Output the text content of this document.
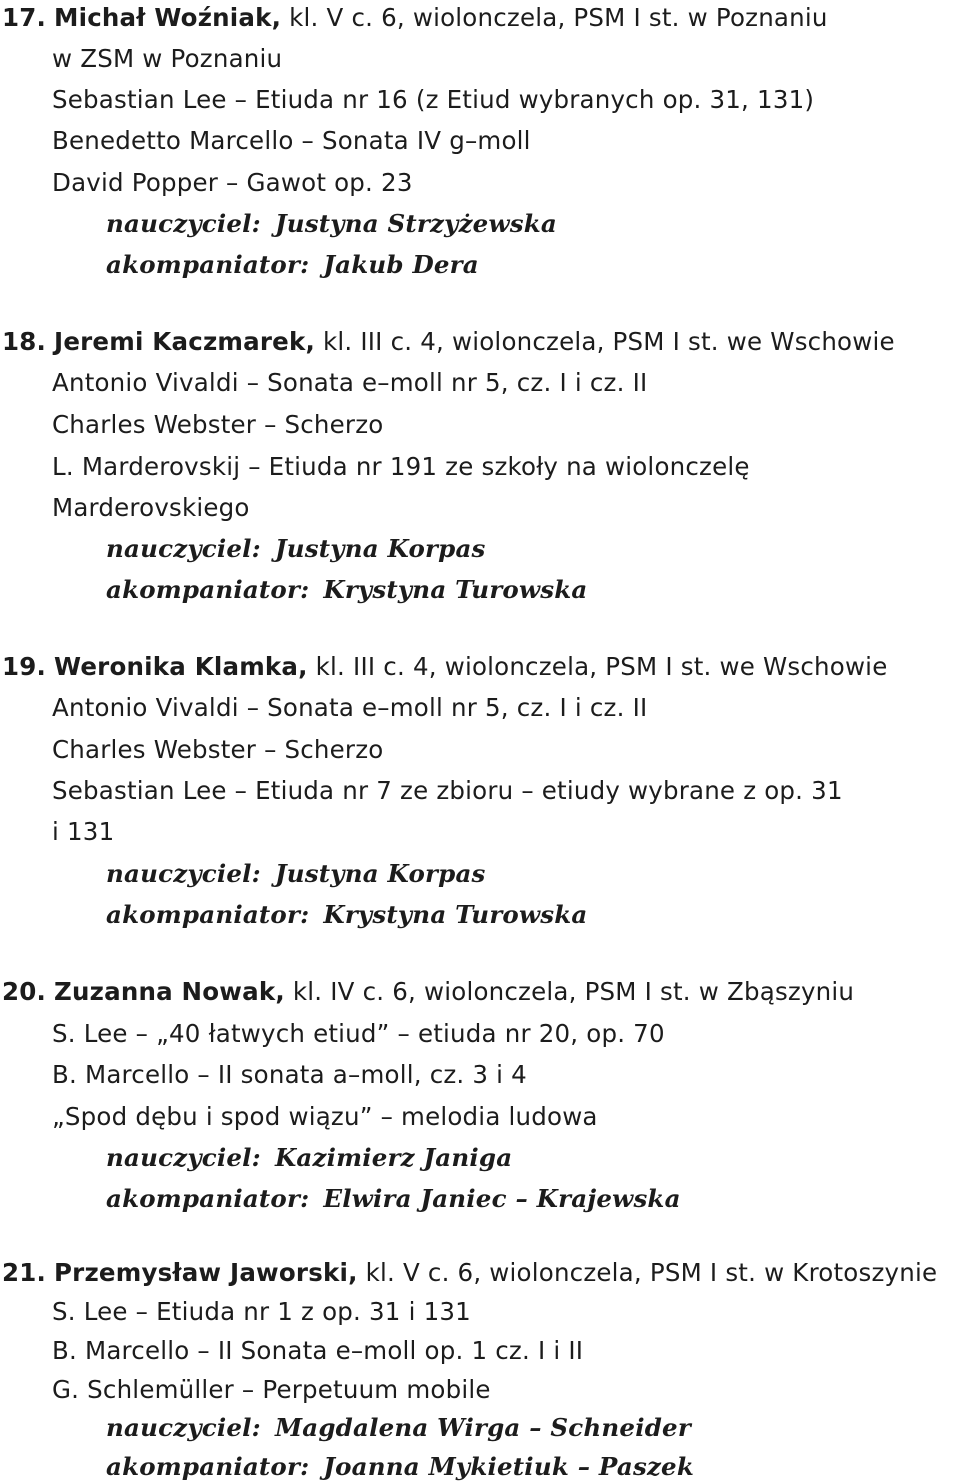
17. Michał Woźniak, kl. V c. 6, wiolonczela, PSM I st. w Poznaniu
w ZSM w Poznaniu
Sebastian Lee – Etiuda nr 16 (z Etiud wybranych op. 31, 131)
Benedetto Marcello – Sonata IV g–moll
David Popper – Gawot op. 23
nauczyciel: Justyna Strzyżewska
akompaniator: Jakub Dera
18. Jeremi Kaczmarek, kl. III c. 4, wiolonczela, PSM I st. we Wschowie
Antonio Vivaldi – Sonata e–moll nr 5, cz. I i cz. II
Charles Webster – Scherzo
L. Marderovskij – Etiuda nr 191 ze szkoły na wiolonczelę
Marderovskiego
nauczyciel: Justyna Korpas
akompaniator: Krystyna Turowska
19. Weronika Klamka, kl. III c. 4, wiolonczela, PSM I st. we Wschowie
Antonio Vivaldi – Sonata e–moll nr 5, cz. I i cz. II
Charles Webster – Scherzo
Sebastian Lee – Etiuda nr 7 ze zbioru – etiudy wybrane z op. 31
i 131
nauczyciel: Justyna Korpas
akompaniator: Krystyna Turowska
20. Zuzanna Nowak, kl. IV c. 6, wiolonczela, PSM I st. w Zbąszyniu
S. Lee – „40 łatwych etiud” – etiuda nr 20, op. 70
B. Marcello – II sonata a–moll, cz. 3 i 4
„Spod dębu i spod wiązu” – melodia ludowa
nauczyciel: Kazimierz Janiga
akompaniator: Elwira Janiec – Krajewska
21. Przemysław Jaworski, kl. V c. 6, wiolonczela, PSM I st. w Krotoszynie
S. Lee – Etiuda nr 1 z op. 31 i 131
B. Marcello – II Sonata e–moll op. 1 cz. I i II
G. Schlemüller – Perpetuum mobile
nauczyciel: Magdalena Wirga – Schneider
akompaniator: Joanna Mykietiuk – Paszek
